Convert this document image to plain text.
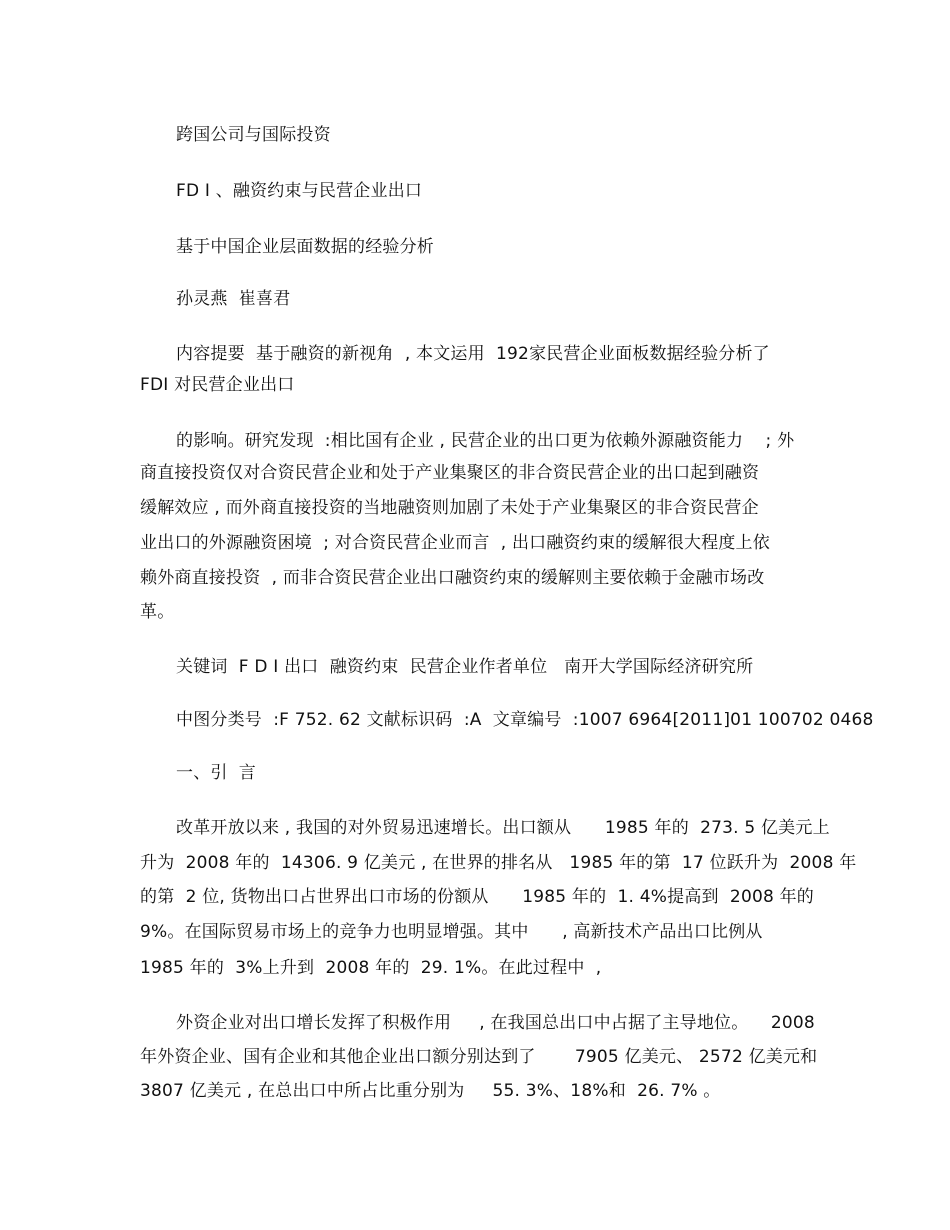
跨国公司与国际投资
FD I 、融资约束与民营企业出口
基于中国企业层面数据的经验分析
孙灵燕  崔喜君
内容提要  基于融资的新视角  , 本文运用  192家民营企业面板数据经验分析了
FDI 对民营企业出口
的影响。研究发现  :相比国有企业 , 民营企业的出口更为依赖外源融资能力    ; 外
商直接投资仅对合资民营企业和处于产业集聚区的非合资民营企业的出口起到融资
缓解效应 , 而外商直接投资的当地融资则加剧了未处于产业集聚区的非合资民营企
业出口的外源融资困境  ; 对合资民营企业而言  , 出口融资约束的缓解很大程度上依
赖外商直接投资  , 而非合资民营企业出口融资约束的缓解则主要依赖于金融市场改
革。
关键词  F D I 出口  融资约束  民营企业作者单位   南开大学国际经济研究所
中图分类号  :F 752. 62 文献标识码  :A  文章编号  :1007 6964[2011]01 100702 0468
一、引  言
改革开放以来 , 我国的对外贸易迅速增长。出口额从      1985 年的  273. 5 亿美元上
升为  2008 年的  14306. 9 亿美元 , 在世界的排名从   1985 年的第  17 位跃升为  2008 年
的第  2 位, 货物出口占世界出口市场的份额从      1985 年的  1. 4%提高到  2008 年的
9%。在国际贸易市场上的竞争力也明显增强。其中      , 高新技术产品出口比例从
1985 年的  3%上升到  2008 年的  29. 1%。在此过程中  ,
外资企业对出口增长发挥了积极作用     , 在我国总出口中占据了主导地位。    2008
年外资企业、国有企业和其他企业出口额分别达到了       7905 亿美元、 2572 亿美元和
3807 亿美元 , 在总出口中所占比重分别为     55. 3%、18%和  26. 7% 。
